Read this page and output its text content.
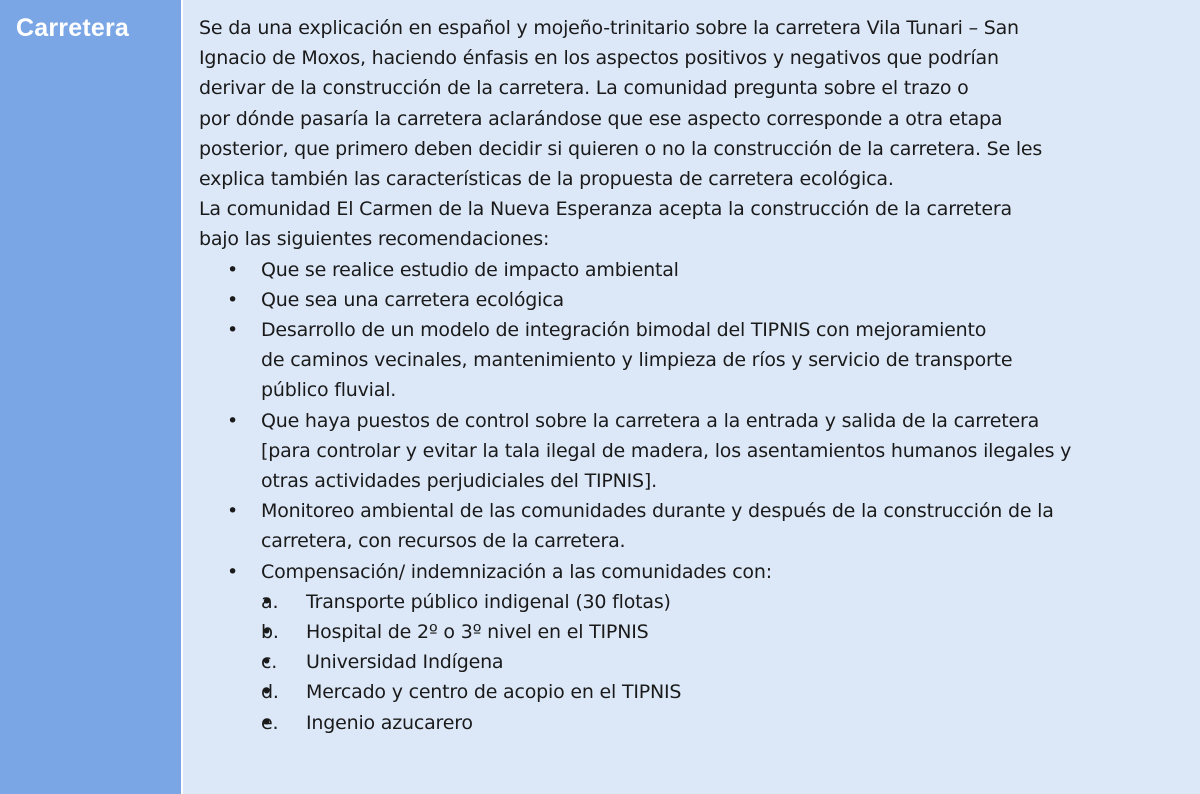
Carretera	Se da una explicación en español y mojeño-trinitario sobre la carretera Vila Tunari – San
Ignacio de Moxos, haciendo énfasis en los aspectos positivos y negativos que podrían
derivar de la construcción de la carretera. La comunidad pregunta sobre el trazo o
por dónde pasaría la carretera aclarándose que ese aspecto corresponde a otra etapa
posterior, que primero deben decidir si quieren o no la construcción de la carretera. Se les
explica también las características de la propuesta de carretera ecológica.
La comunidad El Carmen de la Nueva Esperanza acepta la construcción de la carretera
bajo las siguientes recomendaciones:
• Que se realice estudio de impacto ambiental
• Que sea una carretera ecológica
• Desarrollo de un modelo de integración bimodal del TIPNIS con mejoramiento
de caminos vecinales, mantenimiento y limpieza de ríos y servicio de transporte
público fluvial.
• Que haya puestos de control sobre la carretera a la entrada y salida de la carretera
[para controlar y evitar la tala ilegal de madera, los asentamientos humanos ilegales y
otras actividades perjudiciales del TIPNIS].
• Monitoreo ambiental de las comunidades durante y después de la construcción de la
carretera, con recursos de la carretera.
• Compensación/ indemnización a las comunidades con:
• a. Transporte público indigenal (30 flotas)
• b. Hospital de 2º o 3º nivel en el TIPNIS
• c. Universidad Indígena
• d. Mercado y centro de acopio en el TIPNIS
• e. Ingenio azucarero
